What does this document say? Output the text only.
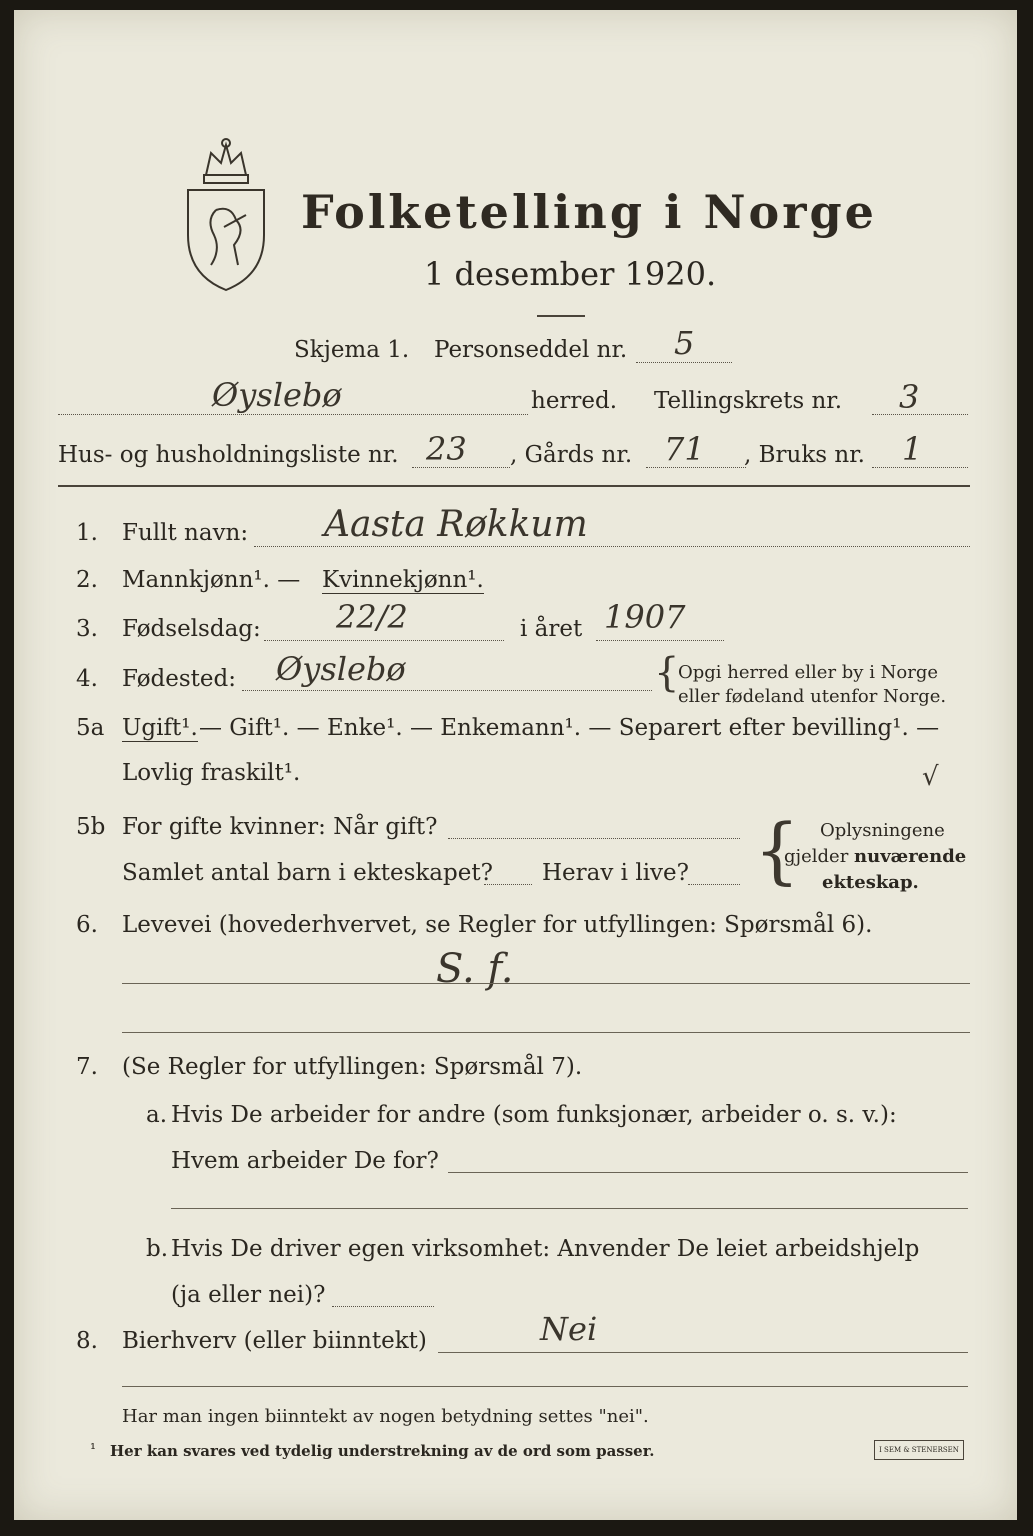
Folketelling i Norge
1 desember 1920.
Skjema 1. Personseddel nr. 5
Øyslebø	herred. Tellingskrets nr. 3
Hus- og husholdningsliste nr. 23 , Gårds nr. 71 , Bruks nr. 1
1. Fullt navn: Aasta Røkkum
2. Mannkjønn¹. — Kvinnekjønn¹.
3. Fødselsdag: 22/2	i året 1907
4. Fødested: Øyslebø	{
Opgi herred eller by i Norge
eller fødeland utenfor Norge.
5a Ugift¹. — Gift¹. — Enke¹. — Enkemann¹. — Separert efter bevilling¹. —
Lovlig fraskilt¹.	√
5b For gifte kvinner: Når gift?
Samlet antal barn i ekteskapet? Herav i live? { Oplysningene
gjelder nuværende
ekteskap.
6. Levevei (hovederhvervet, se Regler for utfyllingen: Spørsmål 6).
S. f.
7. (Se Regler for utfyllingen: Spørsmål 7).
a. Hvis De arbeider for andre (som funksjonær, arbeider o. s. v.):
Hvem arbeider De for?
b. Hvis De driver egen virksomhet: Anvender De leiet arbeidshjelp
(ja eller nei)?
8. Bierhverv (eller biinntekt)	Nei
Har man ingen biinntekt av nogen betydning settes "nei".
¹ Her kan svares ved tydelig understrekning av de ord som passer.	I SEM & STENERSEN
